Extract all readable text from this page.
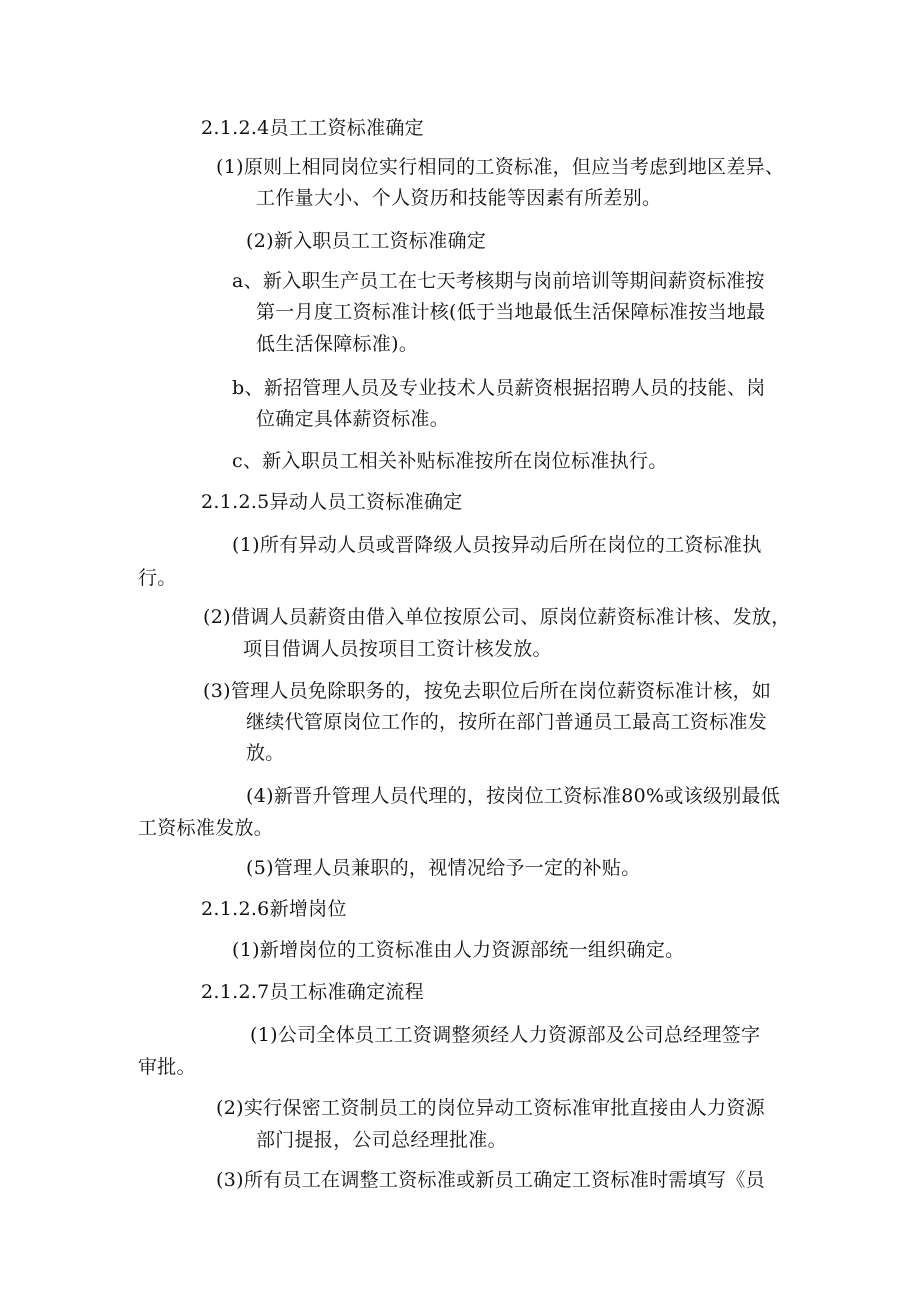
2.1.2.4员工工资标准确定
(1)原则上相同岗位实行相同的工资标准，但应当考虑到地区差异、
工作量大小、个人资历和技能等因素有所差别。
(2)新入职员工工资标准确定
a、新入职生产员工在七天考核期与岗前培训等期间薪资标准按
第一月度工资标准计核(低于当地最低生活保障标准按当地最
低生活保障标准)。
b、新招管理人员及专业技术人员薪资根据招聘人员的技能、岗
位确定具体薪资标准。
c、新入职员工相关补贴标准按所在岗位标准执行。
2.1.2.5异动人员工资标准确定
(1)所有异动人员或晋降级人员按异动后所在岗位的工资标准执
行。
(2)借调人员薪资由借入单位按原公司、原岗位薪资标准计核、发放，
项目借调人员按项目工资计核发放。
(3)管理人员免除职务的，按免去职位后所在岗位薪资标准计核，如
继续代管原岗位工作的，按所在部门普通员工最高工资标准发
放。
(4)新晋升管理人员代理的，按岗位工资标准80%或该级别最低
工资标准发放。
(5)管理人员兼职的，视情况给予一定的补贴。
2.1.2.6新增岗位
(1)新增岗位的工资标准由人力资源部统一组织确定。
2.1.2.7员工标准确定流程
(1)公司全体员工工资调整须经人力资源部及公司总经理签字
审批。
(2)实行保密工资制员工的岗位异动工资标准审批直接由人力资源
部门提报，公司总经理批准。
(3)所有员工在调整工资标准或新员工确定工资标准时需填写《员
